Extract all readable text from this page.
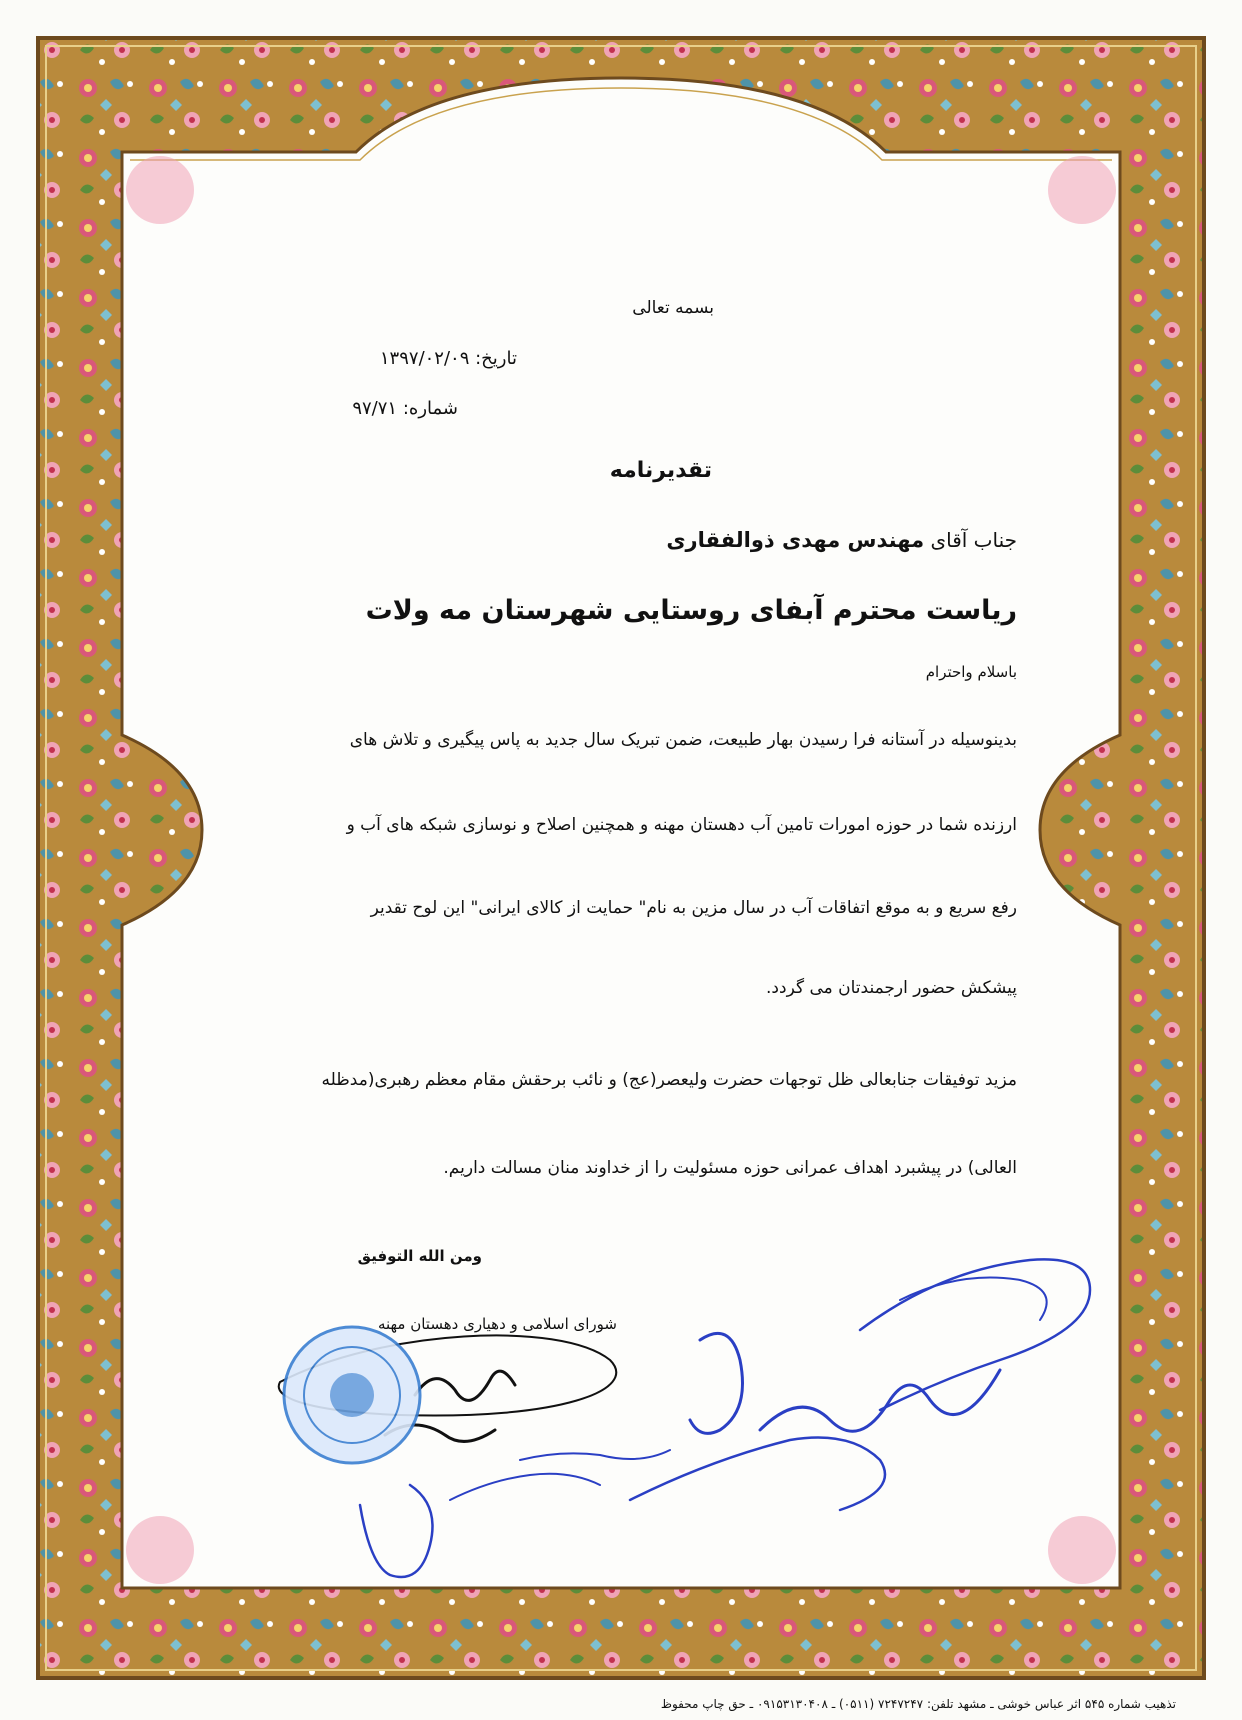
بسمه تعالی
تاریخ: ۱۳۹۷/۰۲/۰۹
شماره: ۹۷/۷۱
تقدیرنامه
جناب آقای مهندس مهدی ذوالفقاری
ریاست محترم آبفای روستایی شهرستان مه ولات
باسلام واحترام
بدینوسیله در آستانه فرا رسیدن بهار طبیعت، ضمن تبریک سال جدید به پاس پیگیری و تلاش های
ارزنده شما در حوزه امورات تامین آب دهستان مهنه و همچنین اصلاح و نوسازی شبکه های آب و
رفع سریع و به موقع اتفاقات آب در سال مزین به نام" حمایت از کالای ایرانی" این لوح تقدیر
پیشکش حضور ارجمندتان می گردد.
مزید توفیقات جنابعالی ظل توجهات حضرت ولیعصر(عج) و نائب برحقش مقام معظم رهبری(مدظله
العالی) در پیشبرد اهداف عمرانی حوزه مسئولیت را از خداوند منان مسالت داریم.
ومن الله التوفیق
شورای اسلامی و دهیاری دهستان مهنه
تذهیب شماره ۵۴۵ اثر عباس خوشی ـ مشهد تلفن: ۷۲۴۷۲۴۷ (۰۵۱۱) ـ ۰۹۱۵۳۱۳۰۴۰۸ ـ حق چاپ محفوظ
